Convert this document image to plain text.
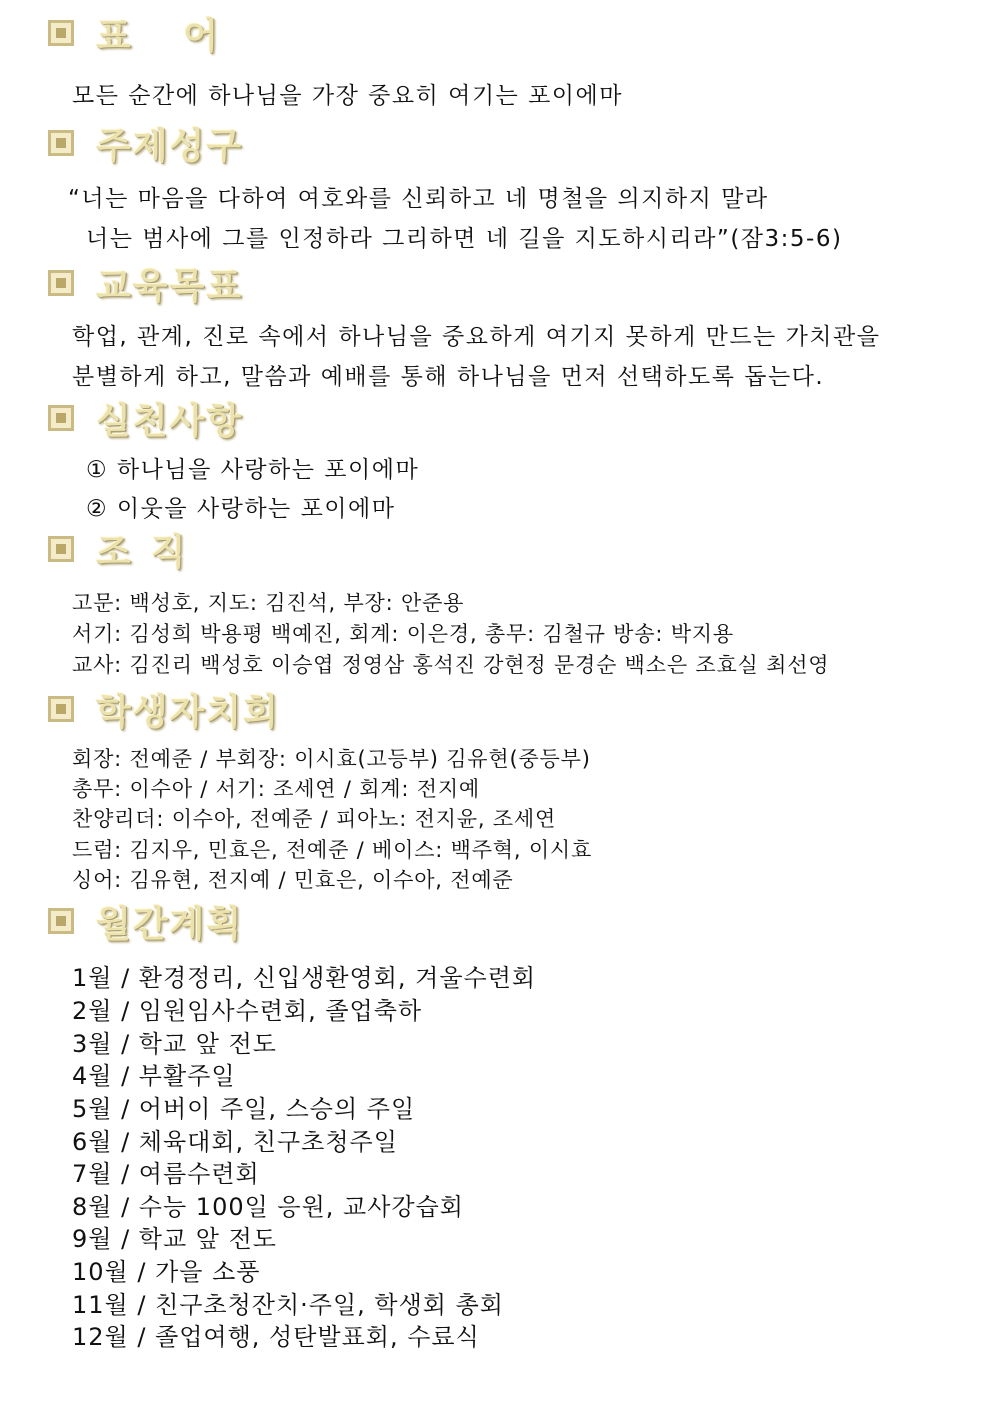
표 어
모든 순간에 하나님을 가장 중요히 여기는 포이에마
주제성구
“너는 마음을 다하여 여호와를 신뢰하고 네 명철을 의지하지 말라
너는 범사에 그를 인정하라 그리하면 네 길을 지도하시리라”(잠3:5-6)
교육목표
학업, 관계, 진로 속에서 하나님을 중요하게 여기지 못하게 만드는 가치관을
분별하게 하고, 말씀과 예배를 통해 하나님을 먼저 선택하도록 돕는다.
실천사항
① 하나님을 사랑하는 포이에마
② 이웃을 사랑하는 포이에마
조직
고문: 백성호, 지도: 김진석, 부장: 안준용
서기: 김성희 박용평 백예진, 회계: 이은경, 총무: 김철규 방송: 박지용
교사: 김진리 백성호 이승엽 정영삼 홍석진 강현정 문경순 백소은 조효실 최선영
학생자치회
회장: 전예준 / 부회장: 이시효(고등부) 김유현(중등부)
총무: 이수아 / 서기: 조세연 / 회계: 전지예
찬양리더: 이수아, 전예준 / 피아노: 전지윤, 조세연
드럼: 김지우, 민효은, 전예준 / 베이스: 백주혁, 이시효
싱어: 김유현, 전지예 / 민효은, 이수아, 전예준
월간계획
1월 / 환경정리, 신입생환영회, 겨울수련회
2월 / 임원임사수련회, 졸업축하
3월 / 학교 앞 전도
4월 / 부활주일
5월 / 어버이 주일, 스승의 주일
6월 / 체육대회, 친구초청주일
7월 / 여름수련회
8월 / 수능 100일 응원, 교사강습회
9월 / 학교 앞 전도
10월 / 가을 소풍
11월 / 친구초청잔치·주일, 학생회 총회
12월 / 졸업여행, 성탄발표회, 수료식
